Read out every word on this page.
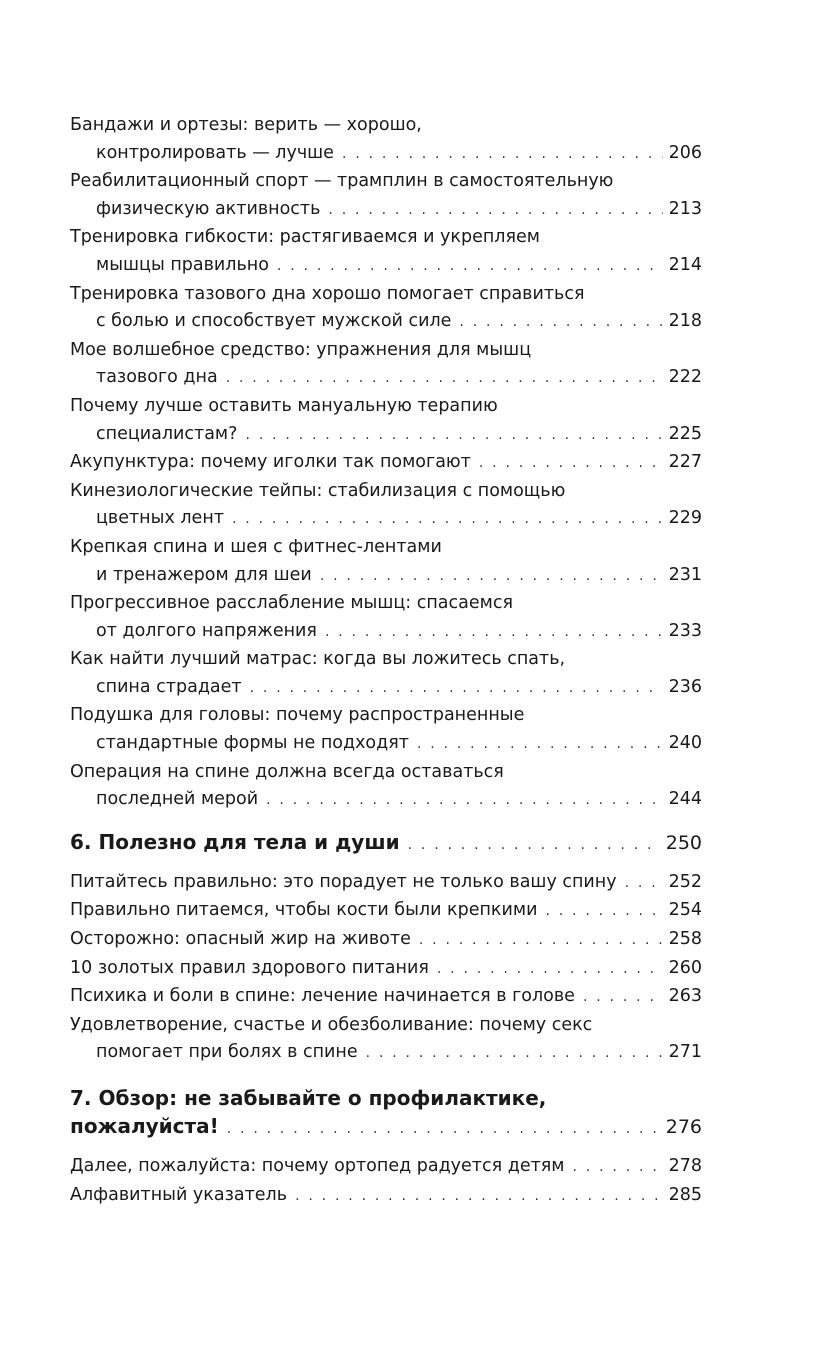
Бандажи и ортезы: верить — хорошо,
контролировать — лучше . . .	206
Реабилитационный спорт — трамплин в самостоятельную
физическую активность . . .	213
Тренировка гибкости: растягиваемся и укрепляем
мышцы правильно . . .	214
Тренировка тазового дна хорошо помогает справиться
с болью и способствует мужской силе . . .	218
Мое волшебное средство: упражнения для мышц
тазового дна . . .	222
Почему лучше оставить мануальную терапию
специалистам? . . .	225
Акупунктура: почему иголки так помогают . . .	227
Кинезиологические тейпы: стабилизация с помощью
цветных лент . . .	229
Крепкая спина и шея с фитнес-лентами
и тренажером для шеи . . .	231
Прогрессивное расслабление мышц: спасаемся
от долгого напряжения . . .	233
Как найти лучший матрас: когда вы ложитесь спать,
спина страдает . . .	236
Подушка для головы: почему распространенные
стандартные формы не подходят . . .	240
Операция на спине должна всегда оставаться
последней мерой . . .	244
6. Полезно для тела и души . . .	250
Питайтесь правильно: это порадует не только вашу спину . . .	252
Правильно питаемся, чтобы кости были крепкими . . .	254
Осторожно: опасный жир на животе . . .	258
10 золотых правил здорового питания . . .	260
Психика и боли в спине: лечение начинается в голове . . .	263
Удовлетворение, счастье и обезболивание: почему секс
помогает при болях в спине . . .	271
7. Обзор: не забывайте о профилактике,
пожалуйста! . . .	276
Далее, пожалуйста: почему ортопед радуется детям . . .	278
Алфавитный указатель . . .	285
